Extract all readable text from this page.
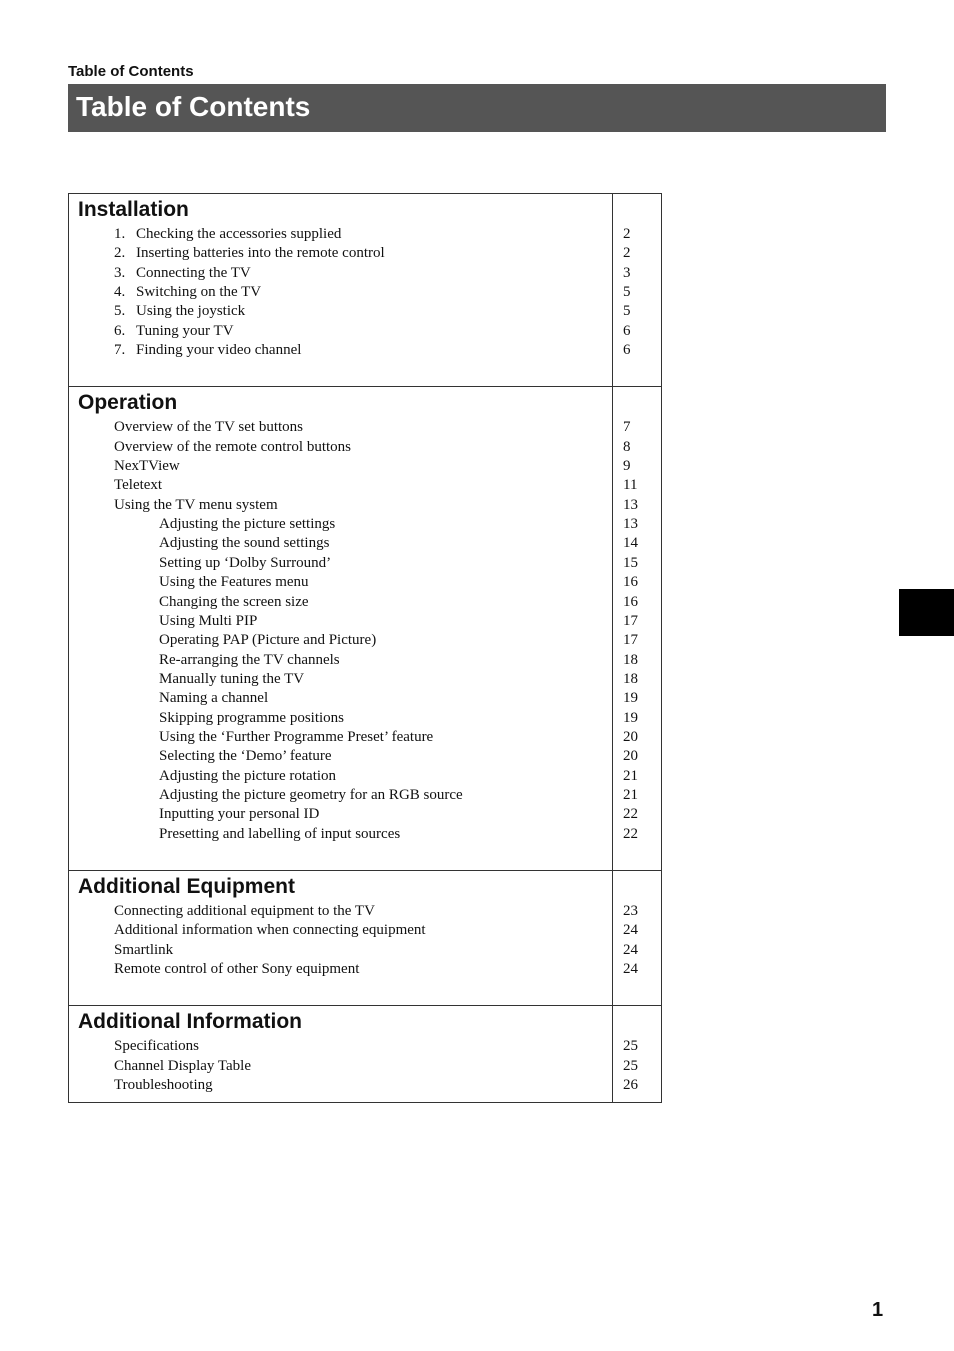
Table of Contents
Table of Contents
Installation
1. Checking the accessories supplied
2. Inserting batteries into the remote control
3. Connecting the TV
4. Switching on the TV
5. Using the joystick
6. Tuning your TV
7. Finding your video channel
2
2
3
5
5
6
6
Operation
Overview of the TV set buttons
Overview of the remote control buttons
NexTView
Teletext
Using the TV menu system
Adjusting the picture settings
Adjusting the sound settings
Setting up ‘Dolby Surround’
Using the Features menu
Changing the screen size
Using Multi PIP
Operating PAP (Picture and Picture)
Re-arranging the TV channels
Manually tuning the TV
Naming a channel
Skipping programme positions
Using the ‘Further Programme Preset’ feature
Selecting the ‘Demo’ feature
Adjusting the picture rotation
Adjusting the picture geometry for an RGB source
Inputting your personal ID
Presetting and labelling of input sources
7
8
9
11
13
13
14
15
16
16
17
17
18
18
19
19
20
20
21
21
22
22
Additional Equipment
Connecting additional equipment to the TV
Additional information when connecting equipment
Smartlink
Remote control of other Sony equipment
23
24
24
24
Additional Information
Specifications
Channel Display Table
Troubleshooting
25
25
26
1
